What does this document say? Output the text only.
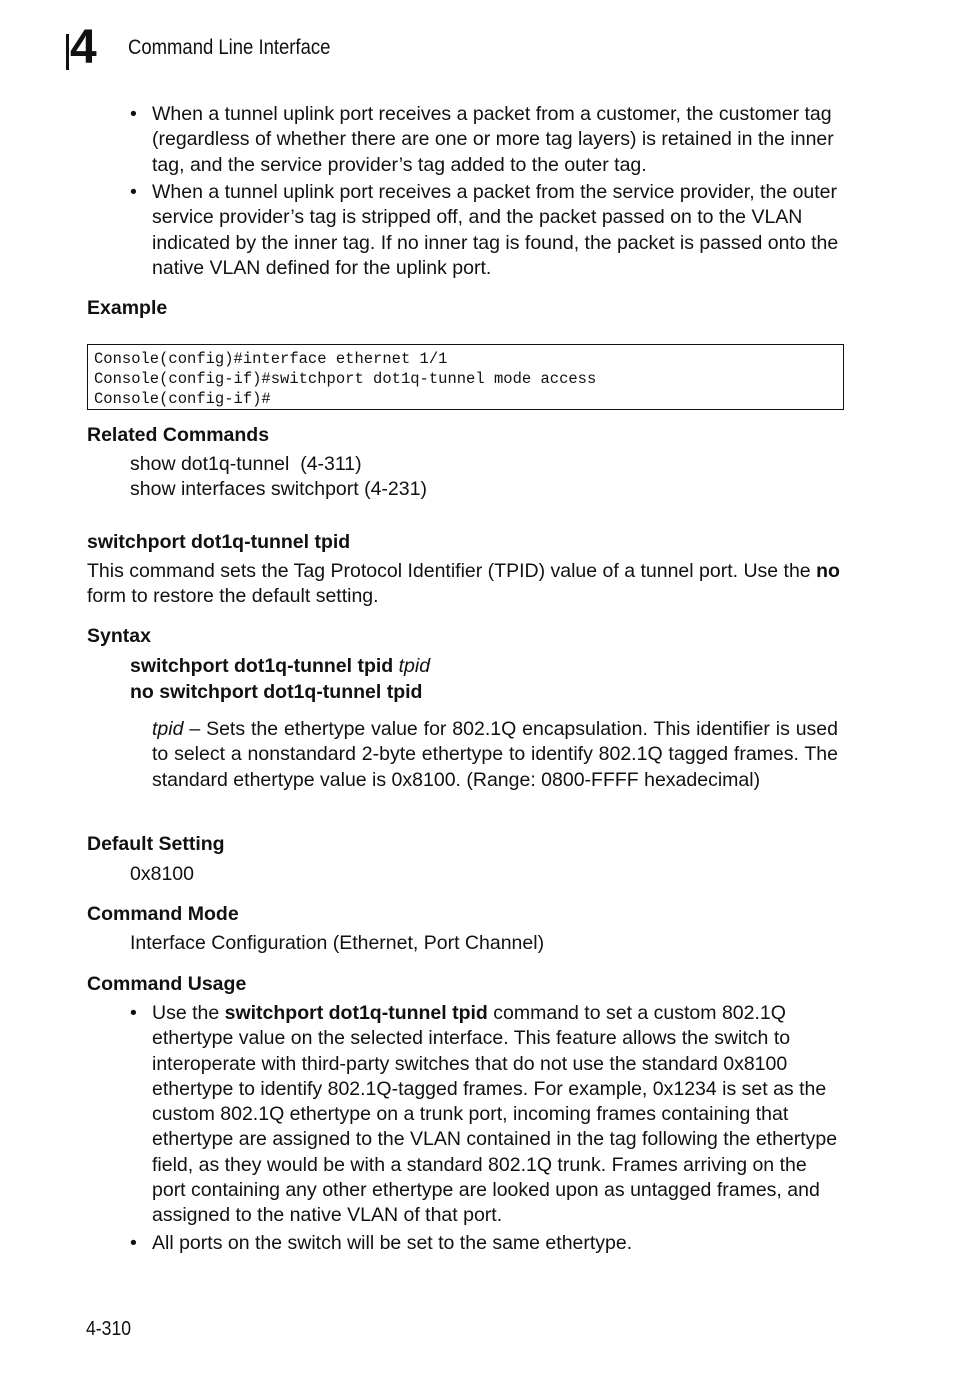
4 Command Line Interface
• When a tunnel uplink port receives a packet from a customer, the customer tag (regardless of whether there are one or more tag layers) is retained in the inner tag, and the service provider’s tag added to the outer tag.
• When a tunnel uplink port receives a packet from the service provider, the outer service provider’s tag is stripped off, and the packet passed on to the VLAN indicated by the inner tag. If no inner tag is found, the packet is passed onto the native VLAN defined for the uplink port.
Example
Console(config)#interface ethernet 1/1
Console(config-if)#switchport dot1q-tunnel mode access
Console(config-if)#
Related Commands
show dot1q-tunnel  (4-311)
show interfaces switchport (4-231)
switchport dot1q-tunnel tpid
This command sets the Tag Protocol Identifier (TPID) value of a tunnel port. Use the no form to restore the default setting.
Syntax
switchport dot1q-tunnel tpid tpid
no switchport dot1q-tunnel tpid
tpid – Sets the ethertype value for 802.1Q encapsulation. This identifier is used to select a nonstandard 2-byte ethertype to identify 802.1Q tagged frames. The standard ethertype value is 0x8100. (Range: 0800-FFFF hexadecimal)
Default Setting
0x8100
Command Mode
Interface Configuration (Ethernet, Port Channel)
Command Usage
• Use the switchport dot1q-tunnel tpid command to set a custom 802.1Q ethertype value on the selected interface. This feature allows the switch to interoperate with third-party switches that do not use the standard 0x8100 ethertype to identify 802.1Q-tagged frames. For example, 0x1234 is set as the custom 802.1Q ethertype on a trunk port, incoming frames containing that ethertype are assigned to the VLAN contained in the tag following the ethertype field, as they would be with a standard 802.1Q trunk. Frames arriving on the port containing any other ethertype are looked upon as untagged frames, and assigned to the native VLAN of that port.
• All ports on the switch will be set to the same ethertype.
4-310
